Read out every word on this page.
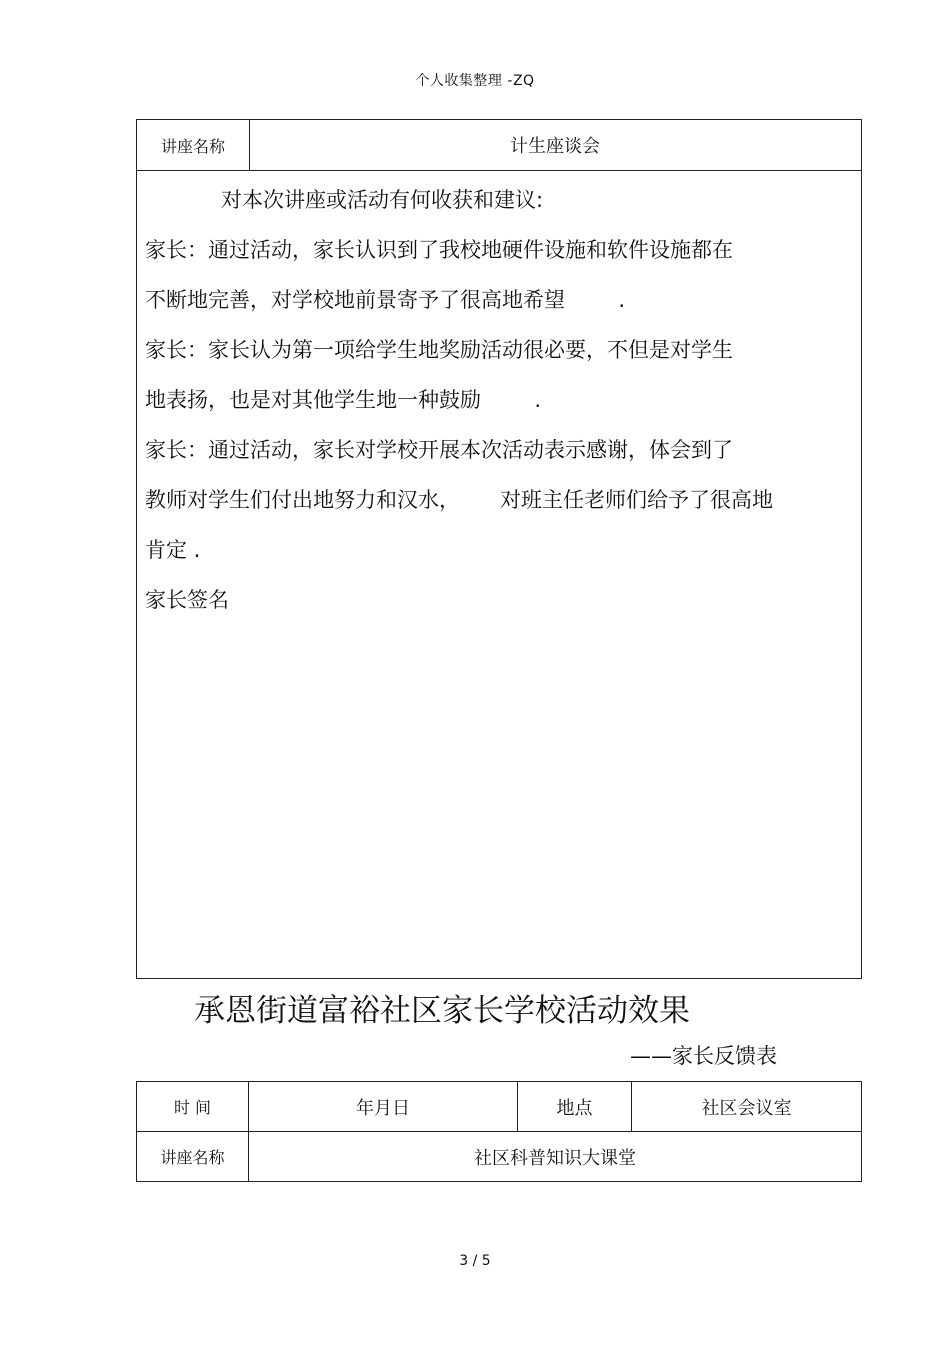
个人收集整理 -ZQ
讲座名称	计生座谈会
对本次讲座或活动有何收获和建议:
家长：通过活动，家长认识到了我校地硬件设施和软件设施都在
不断地完善，对学校地前景寄予了很高地希望        .
家长：家长认为第一项给学生地奖励活动很必要，不但是对学生
地表扬，也是对其他学生地一种鼓励        .
家长：通过活动，家长对学校开展本次活动表示感谢，体会到了
教师对学生们付出地努力和汉水，      对班主任老师们给予了很高地
肯定 .
家长签名
承恩街道富裕社区家长学校活动效果
——家长反馈表
时 间	年月日	地点	社区会议室
讲座名称	社区科普知识大课堂
3 / 5
